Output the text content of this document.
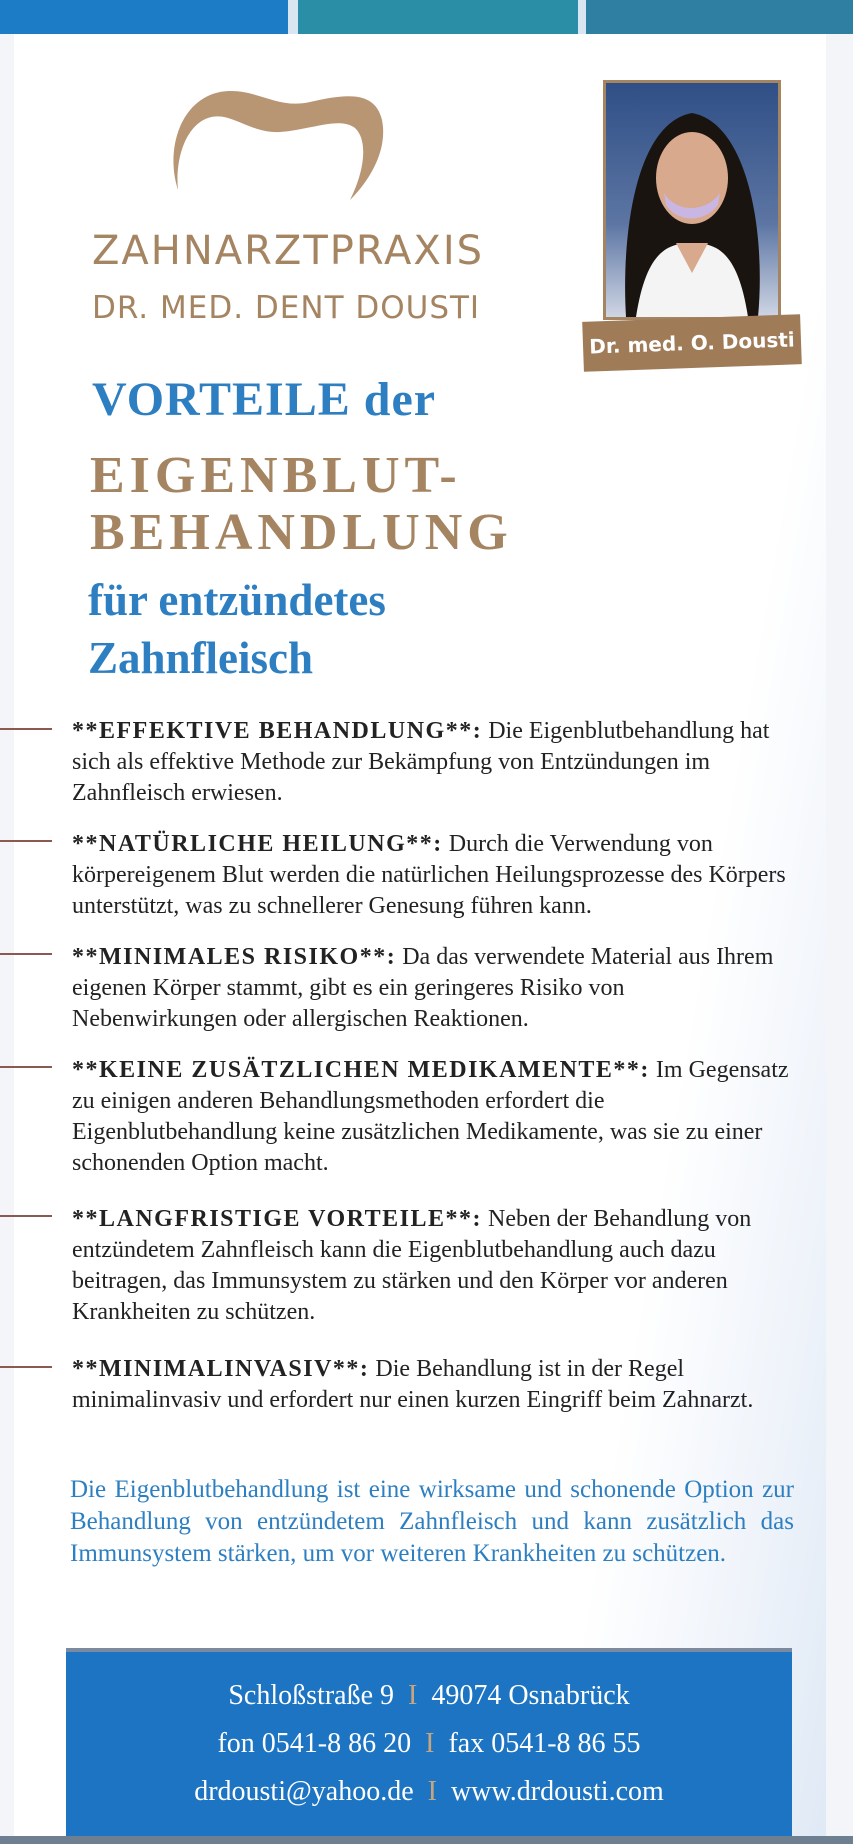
ZAHNARZTPRAXIS
DR. MED. DENT DOUSTI
Dr. med. O. Dousti
VORTEILE der
EIGENBLUT-
BEHANDLUNG
für entzündetes
Zahnfleisch
**EFFEKTIVE BEHANDLUNG**: Die Eigenblutbehandlung hat sich als effektive Methode zur Bekämpfung von Entzündungen im Zahnfleisch erwiesen.
**NATÜRLICHE HEILUNG**: Durch die Verwendung von körpereigenem Blut werden die natürlichen Heilungsprozesse des Körpers unterstützt, was zu schnellerer Genesung führen kann.
**MINIMALES RISIKO**: Da das verwendete Material aus Ihrem eigenen Körper stammt, gibt es ein geringeres Risiko von Nebenwirkungen oder allergischen Reaktionen.
**KEINE ZUSÄTZLICHEN MEDIKAMENTE**: Im Gegensatz zu einigen anderen Behandlungsmethoden erfordert die Eigenblutbehandlung keine zusätzlichen Medikamente, was sie zu einer schonenden Option macht.
**LANGFRISTIGE VORTEILE**: Neben der Behandlung von entzündetem Zahnfleisch kann die Eigenblutbehandlung auch dazu beitragen, das Immunsystem zu stärken und den Körper vor anderen Krankheiten zu schützen.
**MINIMALINVASIV**: Die Behandlung ist in der Regel minimalinvasiv und erfordert nur einen kurzen Eingriff beim Zahnarzt.
Die Eigenblutbehandlung ist eine wirksame und schonende Option zur Behandlung von entzündetem Zahnfleisch und kann zusätzlich das Immunsystem stärken, um vor weiteren Krankheiten zu schützen.
Schloßstraße 9 I 49074 Osnabrück
fon 0541-8 86 20 I fax 0541-8 86 55
drdousti@yahoo.de I www.drdousti.com
